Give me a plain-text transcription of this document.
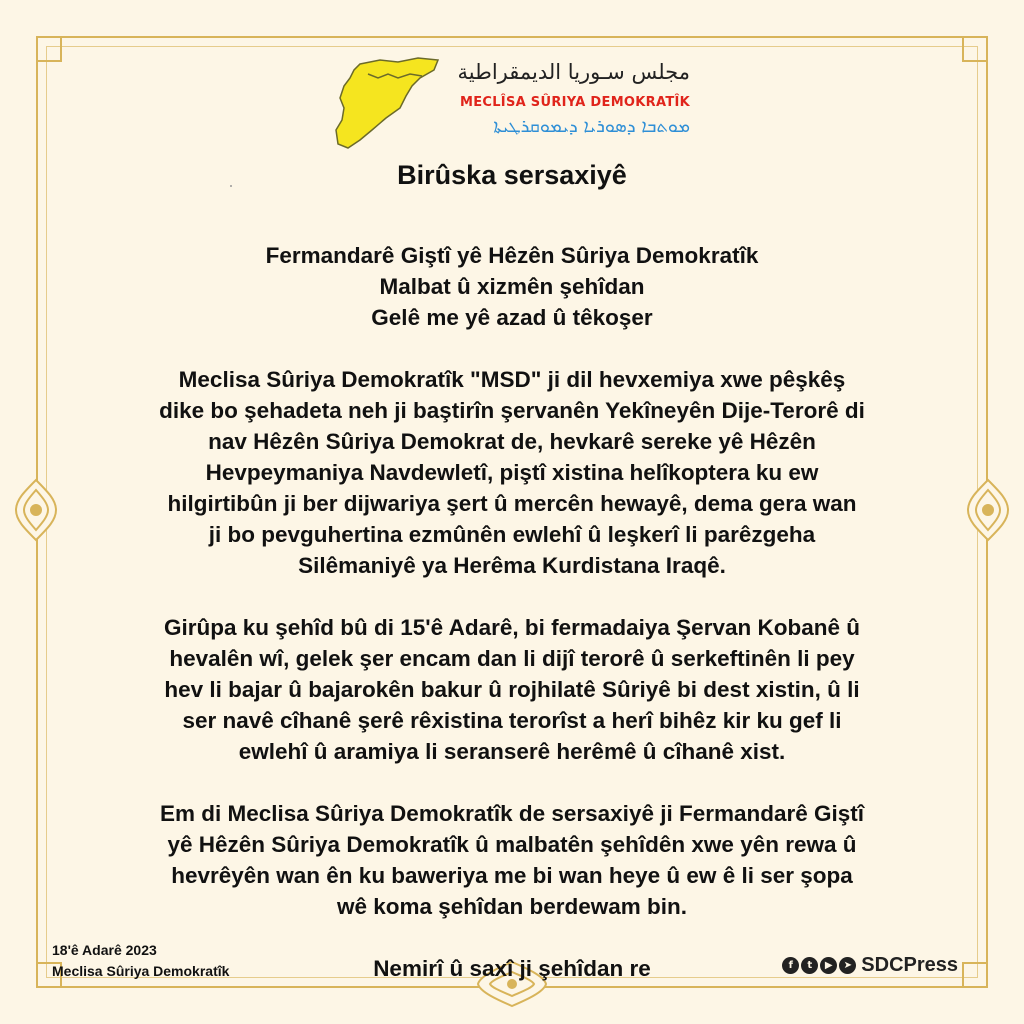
مجلس سـوريا الديمقراطية
MECLÎSA SÛRIYA DEMOKRATÎK
ܡܘܬܒܐ ܕܣܘܪܝܐ ܕܝܡܘܩܪܛܝܬܐ
Birûska sersaxiyê

Fermandarê Giştî yê Hêzên Sûriya Demokratîk
Malbat û xizmên şehîdan
Gelê me yê azad û têkoşer

Meclisa Sûriya Demokratîk "MSD" ji dil hevxemiya xwe pêşkêş
dike bo şehadeta neh ji baştirîn şervanên Yekîneyên Dije-Terorê di
nav Hêzên Sûriya Demokrat de, hevkarê sereke yê Hêzên
Hevpeymaniya Navdewletî, piştî xistina helîkoptera ku ew
hilgirtibûn ji ber dijwariya şert û mercên hewayê, dema gera wan
ji bo pevguhertina ezmûnên ewlehî û leşkerî li parêzgeha
Silêmaniyê ya Herêma Kurdistana Iraqê.

Girûpa ku şehîd bû di 15'ê Adarê, bi fermadaiya Şervan Kobanê û
hevalên wî, gelek şer encam dan li dijî terorê û serkeftinên li pey
hev li bajar û bajarokên bakur û rojhilatê Sûriyê bi dest xistin, û li
ser navê cîhanê şerê rêxistina terorîst a herî bihêz kir ku gef li
ewlehî û aramiya li seranserê herêmê û cîhanê xist.

Em di Meclisa Sûriya Demokratîk de sersaxiyê ji Fermandarê Giştî
yê Hêzên Sûriya Demokratîk û malbatên şehîdên xwe yên rewa û
hevrêyên wan ên ku baweriya me bi wan heye û ew ê li ser şopa
wê koma şehîdan berdewam bin.

Nemirî û saxî ji şehîdan re

18'ê Adarê 2023
Meclisa Sûriya Demokratîk	f	t	▶	➤ SDCPress
